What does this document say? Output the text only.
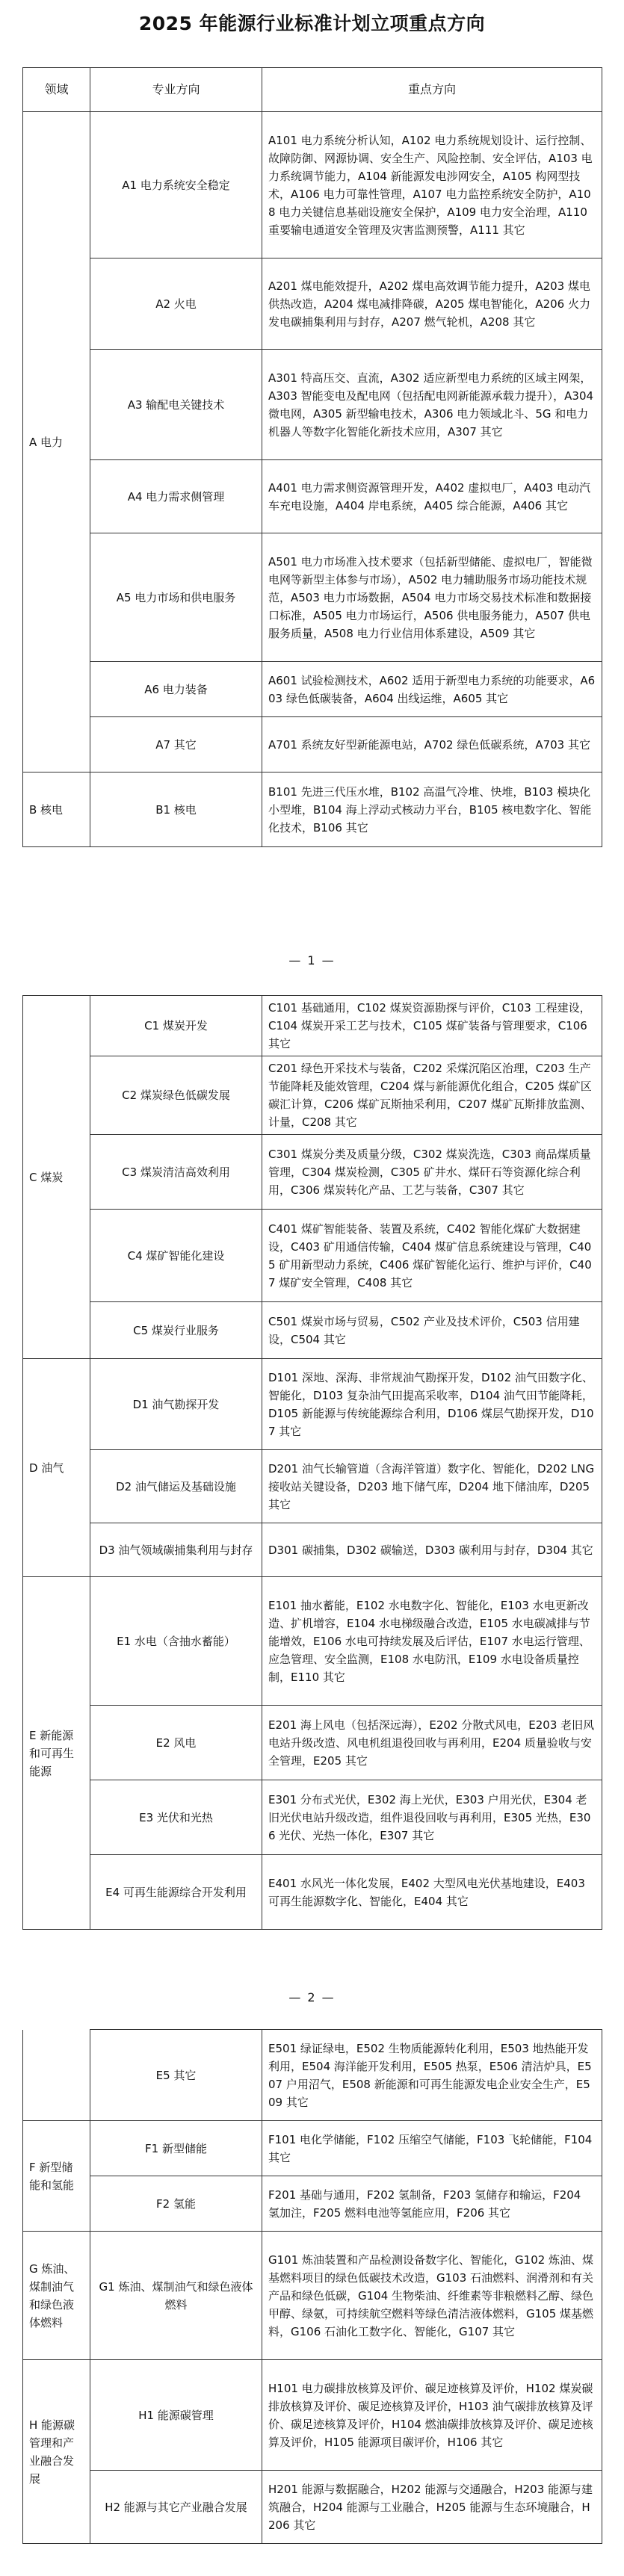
2025 年能源行业标准计划立项重点方向
领域	专业方向	重点方向
A 电力	A1 电力系统安全稳定	A101 电力系统分析认知，A102 电力系统规划设计、运行控制、故障防御、网源协调、安全生产、风险控制、安全评估，A103 电力系统调节能力，A104 新能源发电涉网安全，A105 构网型技术，A106 电力可靠性管理，A107 电力监控系统安全防护，A108 电力关键信息基础设施安全保护，A109 电力安全治理，A110 重要输电通道安全管理及灾害监测预警，A111 其它
	A2 火电	A201 煤电能效提升，A202 煤电高效调节能力提升，A203 煤电供热改造，A204 煤电减排降碳，A205 煤电智能化，A206 火力发电碳捕集利用与封存，A207 燃气轮机，A208 其它
	A3 输配电关键技术	A301 特高压交、直流，A302 适应新型电力系统的区域主网架，A303 智能变电及配电网（包括配电网新能源承载力提升），A304 微电网，A305 新型输电技术，A306 电力领域北斗、5G 和电力机器人等数字化智能化新技术应用，A307 其它
	A4 电力需求侧管理	A401 电力需求侧资源管理开发，A402 虚拟电厂，A403 电动汽车充电设施，A404 岸电系统，A405 综合能源，A406 其它
	A5 电力市场和供电服务	A501 电力市场准入技术要求（包括新型储能、虚拟电厂，智能微电网等新型主体参与市场），A502 电力辅助服务市场功能技术规范，A503 电力市场数据，A504 电力市场交易技术标准和数据接口标准，A505 电力市场运行，A506 供电服务能力，A507 供电服务质量，A508 电力行业信用体系建设，A509 其它
	A6 电力装备	A601 试验检测技术，A602 适用于新型电力系统的功能要求，A603 绿色低碳装备，A604 出线运维，A605 其它
	A7 其它	A701 系统友好型新能源电站，A702 绿色低碳系统，A703 其它
B 核电	B1 核电	B101 先进三代压水堆，B102 高温气冷堆、快堆，B103 模块化小型堆，B104 海上浮动式核动力平台，B105 核电数字化、智能化技术，B106 其它
— 1 —
C 煤炭	C1 煤炭开发	C101 基础通用，C102 煤炭资源勘探与评价，C103 工程建设，C104 煤炭开采工艺与技术，C105 煤矿装备与管理要求，C106 其它
	C2 煤炭绿色低碳发展	C201 绿色开采技术与装备，C202 采煤沉陷区治理，C203 生产节能降耗及能效管理，C204 煤与新能源优化组合，C205 煤矿区碳汇计算，C206 煤矿瓦斯抽采利用，C207 煤矿瓦斯排放监测、计量，C208 其它
	C3 煤炭清洁高效利用	C301 煤炭分类及质量分级，C302 煤炭洗选，C303 商品煤质量管理，C304 煤炭检测，C305 矿井水、煤矸石等资源化综合利用，C306 煤炭转化产品、工艺与装备，C307 其它
	C4 煤矿智能化建设	C401 煤矿智能装备、装置及系统，C402 智能化煤矿大数据建设，C403 矿用通信传输，C404 煤矿信息系统建设与管理，C405 矿用新型动力系统，C406 煤矿智能化运行、维护与评价，C407 煤矿安全管理，C408 其它
	C5 煤炭行业服务	C501 煤炭市场与贸易，C502 产业及技术评价，C503 信用建设，C504 其它
D 油气	D1 油气勘探开发	D101 深地、深海、非常规油气勘探开发，D102 油气田数字化、智能化，D103 复杂油气田提高采收率，D104 油气田节能降耗，D105 新能源与传统能源综合利用，D106 煤层气勘探开发，D107 其它
	D2 油气储运及基础设施	D201 油气长输管道（含海洋管道）数字化、智能化，D202 LNG 接收站关键设备，D203 地下储气库，D204 地下储油库，D205 其它
	D3 油气领域碳捕集利用与封存	D301 碳捕集，D302 碳输送，D303 碳利用与封存，D304 其它
E 新能源和可再生能源	E1 水电（含抽水蓄能）	E101 抽水蓄能，E102 水电数字化、智能化，E103 水电更新改造、扩机增容，E104 水电梯级融合改造，E105 水电碳减排与节能增效，E106 水电可持续发展及后评估，E107 水电运行管理、应急管理、安全监测，E108 水电防汛，E109 水电设备质量控制，E110 其它
	E2 风电	E201 海上风电（包括深远海），E202 分散式风电，E203 老旧风电站升级改造、风电机组退役回收与再利用，E204 质量验收与安全管理，E205 其它
	E3 光伏和光热	E301 分布式光伏，E302 海上光伏，E303 户用光伏，E304 老旧光伏电站升级改造，组件退役回收与再利用，E305 光热，E306 光伏、光热一体化，E307 其它
	E4 可再生能源综合开发利用	E401 水风光一体化发展，E402 大型风电光伏基地建设，E403 可再生能源数字化、智能化，E404 其它
— 2 —
	E5 其它	E501 绿证绿电，E502 生物质能源转化利用，E503 地热能开发利用，E504 海洋能开发利用，E505 热泵，E506 清洁炉具，E507 户用沼气，E508 新能源和可再生能源发电企业安全生产，E509 其它
F 新型储能和氢能	F1 新型储能	F101 电化学储能，F102 压缩空气储能，F103 飞轮储能，F104 其它
	F2 氢能	F201 基础与通用，F202 氢制备，F203 氢储存和输运，F204 氢加注，F205 燃料电池等氢能应用，F206 其它
G 炼油、煤制油气和绿色液体燃料	G1 炼油、煤制油气和绿色液体燃料	G101 炼油装置和产品检测设备数字化、智能化，G102 炼油、煤基燃料项目的绿色低碳技术改造，G103 石油燃料、润滑剂和有关产品和绿色低碳，G104 生物柴油、纤维素等非粮燃料乙醇、绿色甲醇、绿氨，可持续航空燃料等绿色清洁液体燃料，G105 煤基燃料，G106 石油化工数字化、智能化，G107 其它
H 能源碳管理和产业融合发展	H1 能源碳管理	H101 电力碳排放核算及评价、碳足迹核算及评价，H102 煤炭碳排放核算及评价、碳足迹核算及评价，H103 油气碳排放核算及评价、碳足迹核算及评价，H104 燃油碳排放核算及评价、碳足迹核算及评价，H105 能源项目碳评价，H106 其它
	H2 能源与其它产业融合发展	H201 能源与数据融合，H202 能源与交通融合，H203 能源与建筑融合，H204 能源与工业融合，H205 能源与生态环境融合，H206 其它
